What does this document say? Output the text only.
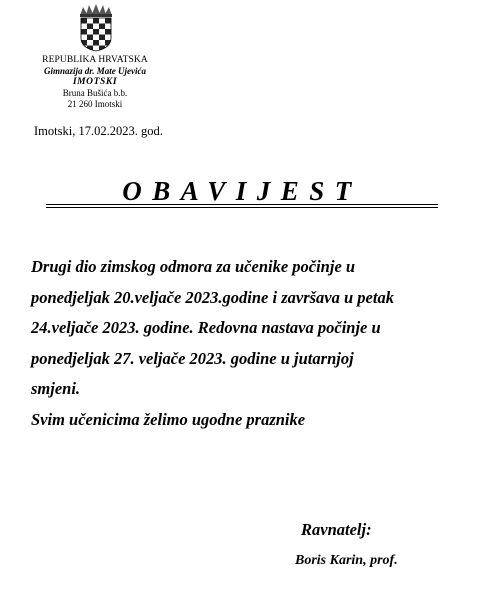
REPUBLIKA HRVATSKA
Gimnazija dr. Mate Ujevića
IMOTSKI
Bruna Bušića b.b.
21 260 Imotski
Imotski, 17.02.2023. god.
OBAVIJEST

Drugi dio zimskog odmora za učenike počinje u

ponedjeljak 20.veljače 2023.godine i završava u petak

24.veljače 2023. godine. Redovna nastava počinje u

ponedjeljak 27. veljače 2023. godine u jutarnjoj

smjeni.

Svim učenicima želimo ugodne praznike

Ravnatelj:
Boris Karin, prof.
